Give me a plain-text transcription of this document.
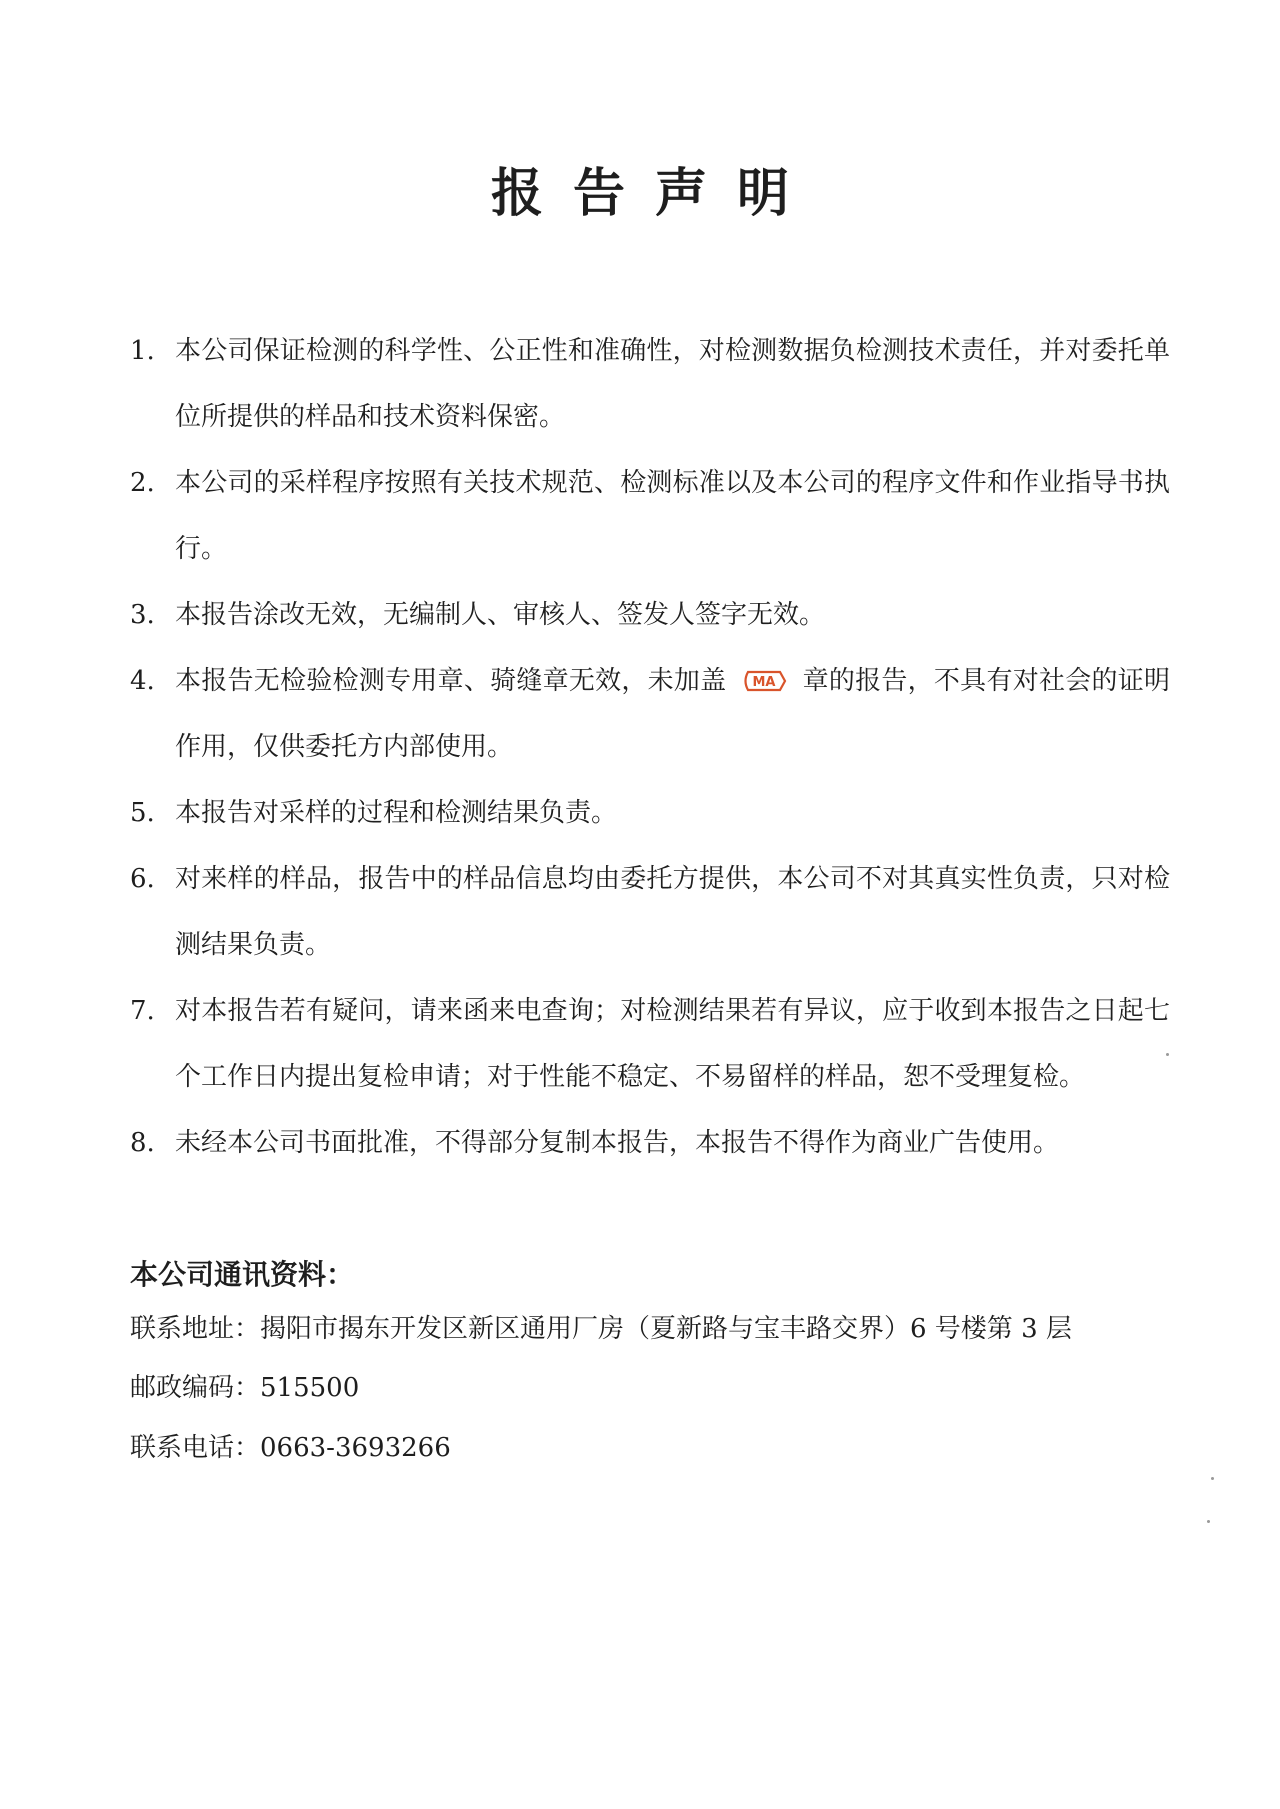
报告声明
1. 本公司保证检测的科学性、公正性和准确性，对检测数据负检测技术责任，并对委托单位所提供的样品和技术资料保密。
2. 本公司的采样程序按照有关技术规范、检测标准以及本公司的程序文件和作业指导书执行。
3. 本报告涂改无效，无编制人、审核人、签发人签字无效。
4. 本报告无检验检测专用章、骑缝章无效，未加盖 MA 章的报告，不具有对社会的证明作用，仅供委托方内部使用。
5. 本报告对采样的过程和检测结果负责。
6. 对来样的样品，报告中的样品信息均由委托方提供，本公司不对其真实性负责，只对检测结果负责。
7. 对本报告若有疑问，请来函来电查询；对检测结果若有异议，应于收到本报告之日起七个工作日内提出复检申请；对于性能不稳定、不易留样的样品，恕不受理复检。
8. 未经本公司书面批准，不得部分复制本报告，本报告不得作为商业广告使用。

本公司通讯资料：

联系地址：揭阳市揭东开发区新区通用厂房（夏新路与宝丰路交界）6 号楼第 3 层

邮政编码：515500

联系电话：0663-3693266
